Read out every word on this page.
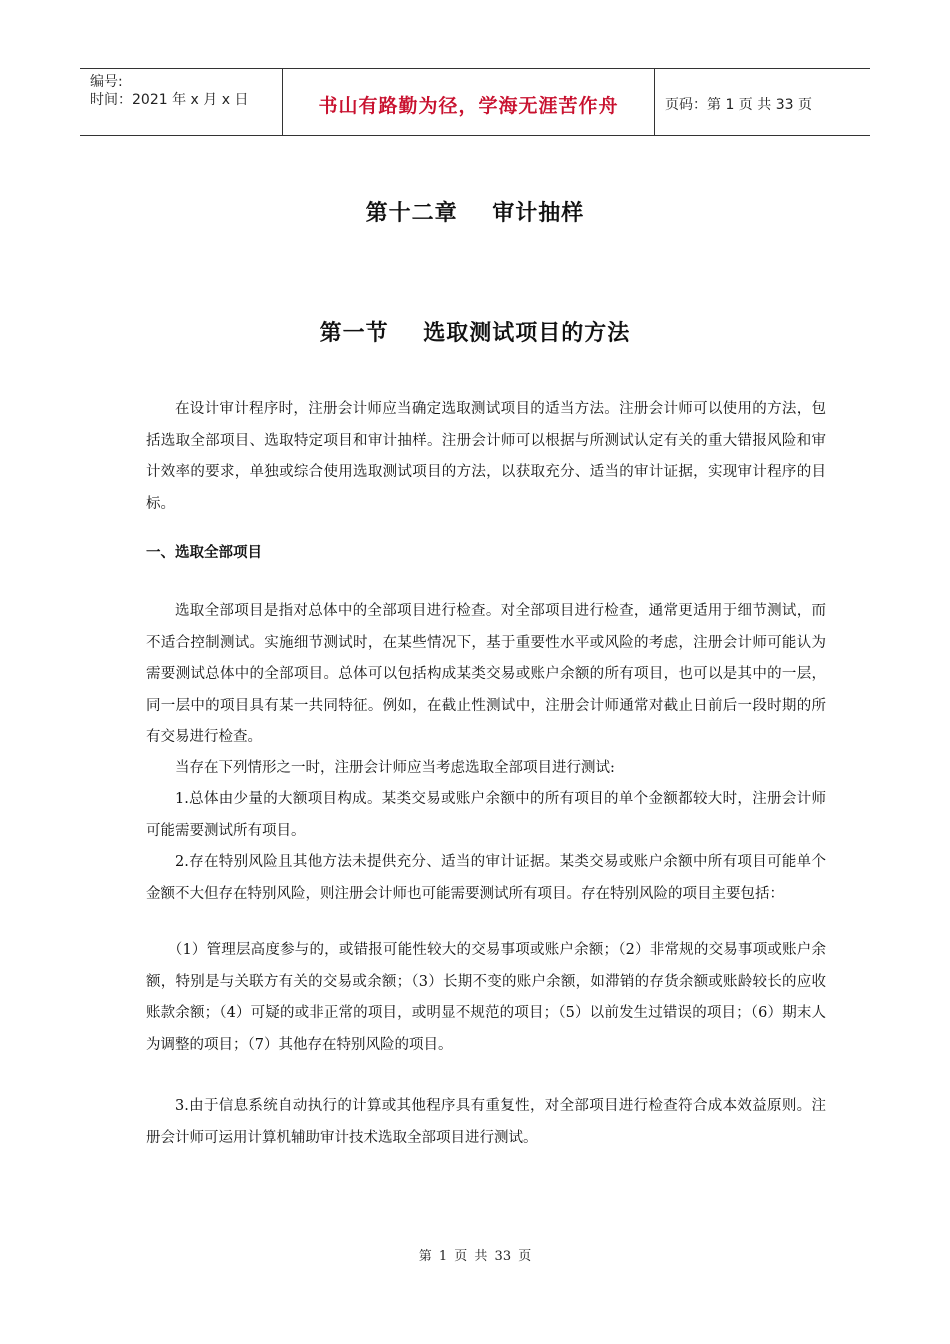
编号:
时间：2021 年 x 月 x 日	书山有路勤为径，学海无涯苦作舟	页码：第 1 页 共 33 页
第十二章    审计抽样
第一节    选取测试项目的方法

在设计审计程序时，注册会计师应当确定选取测试项目的适当方法。注册会计师可以使用的方法，包括选取全部项目、选取特定项目和审计抽样。注册会计师可以根据与所测试认定有关的重大错报风险和审计效率的要求，单独或综合使用选取测试项目的方法，以获取充分、适当的审计证据，实现审计程序的目标。

一、选取全部项目

选取全部项目是指对总体中的全部项目进行检查。对全部项目进行检查，通常更适用于细节测试，而不适合控制测试。实施细节测试时，在某些情况下，基于重要性水平或风险的考虑，注册会计师可能认为需要测试总体中的全部项目。总体可以包括构成某类交易或账户余额的所有项目，也可以是其中的一层，同一层中的项目具有某一共同特征。例如，在截止性测试中，注册会计师通常对截止日前后一段时期的所有交易进行检查。

当存在下列情形之一时，注册会计师应当考虑选取全部项目进行测试:

1.总体由少量的大额项目构成。某类交易或账户余额中的所有项目的单个金额都较大时，注册会计师可能需要测试所有项目。

2.存在特别风险且其他方法未提供充分、适当的审计证据。某类交易或账户余额中所有项目可能单个金额不大但存在特别风险，则注册会计师也可能需要测试所有项目。存在特别风险的项目主要包括：

（1）管理层高度参与的，或错报可能性较大的交易事项或账户余额；（2）非常规的交易事项或账户余额，特别是与关联方有关的交易或余额；（3）长期不变的账户余额，如滞销的存货余额或账龄较长的应收账款余额；（4）可疑的或非正常的项目，或明显不规范的项目；（5）以前发生过错误的项目；（6）期末人为调整的项目；（7）其他存在特别风险的项目。

3.由于信息系统自动执行的计算或其他程序具有重复性，对全部项目进行检查符合成本效益原则。注册会计师可运用计算机辅助审计技术选取全部项目进行测试。

第 1 页 共 33 页
